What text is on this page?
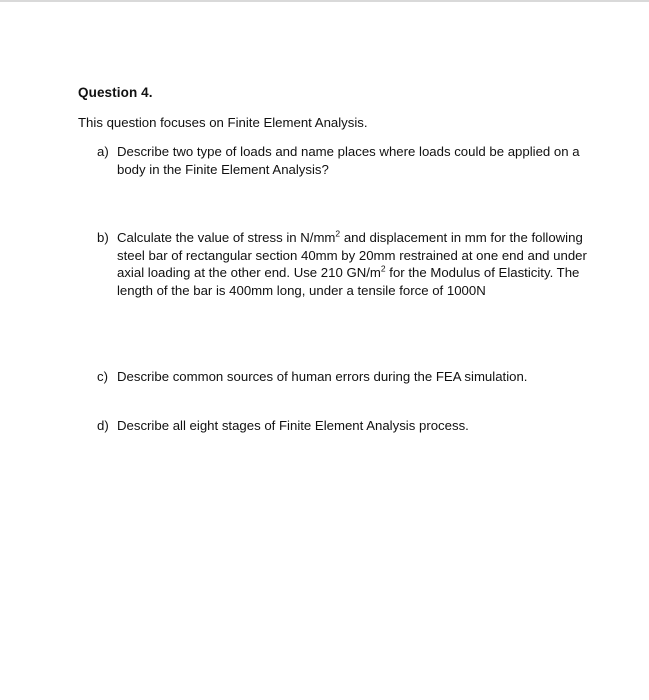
Question 4.
This question focuses on Finite Element Analysis.
a) Describe two type of loads and name places where loads could be applied on a body in the Finite Element Analysis?
b) Calculate the value of stress in $N/mm^2$ and displacement in mm for the following steel bar of rectangular section 40mm by 20mm restrained at one end and under axial loading at the other end. Use 210 $GN/m^2$ for the Modulus of Elasticity. The length of the bar is 400mm long, under a tensile force of 1000N
c) Describe common sources of human errors during the FEA simulation.
d) Describe all eight stages of Finite Element Analysis process.
